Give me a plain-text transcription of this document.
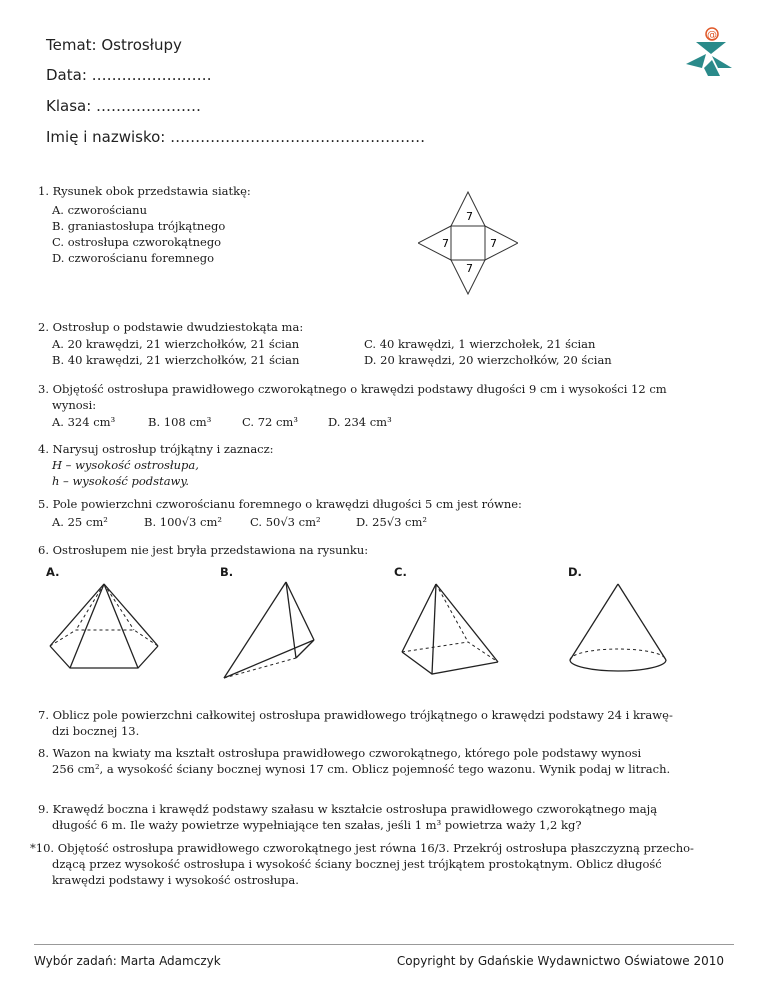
Temat: Ostrosłupy
Data: ……………………
Klasa: …………………
Imię i nazwisko: ……………………………………………
@
1. Rysunek obok przedstawia siatkę:
A. czworościanu
B. graniastosłupa trójkątnego
C. ostrosłupa czworokątnego
D. czworościanu foremnego
7
7	7
7
2. Ostrosłup o podstawie dwudziestokąta ma:
A. 20 krawędzi, 21 wierzchołków, 21 ścian
B. 40 krawędzi, 21 wierzchołków, 21 ścian
C. 40 krawędzi, 1 wierzchołek, 21 ścian
D. 20 krawędzi, 20 wierzchołków, 20 ścian
3. Objętość ostrosłupa prawidłowego czworokątnego o krawędzi podstawy długości 9 cm i wysokości 12 cm
wynosi:
A. 324 cm³	B. 108 cm³	C. 72 cm³	D. 234 cm³
4. Narysuj ostrosłup trójkątny i zaznacz:
H – wysokość ostrosłupa,
h – wysokość podstawy.
5. Pole powierzchni czworościanu foremnego o krawędzi długości 5 cm jest równe:
A. 25 cm²	B. 100√3 cm² C. 50√3 cm²	D. 25√3 cm²
6. Ostrosłupem nie jest bryła przedstawiona na rysunku:
A.	B.	C.	D.
7. Oblicz pole powierzchni całkowitej ostrosłupa prawidłowego trójkątnego o krawędzi podstawy 24 i krawę-
dzi bocznej 13.
8. Wazon na kwiaty ma kształt ostrosłupa prawidłowego czworokątnego, którego pole podstawy wynosi
256 cm², a wysokość ściany bocznej wynosi 17 cm. Oblicz pojemność tego wazonu. Wynik podaj w litrach.
9. Krawędź boczna i krawędź podstawy szałasu w kształcie ostrosłupa prawidłowego czworokątnego mają
długość 6 m. Ile waży powietrze wypełniające ten szałas, jeśli 1 m³ powietrza waży 1,2 kg?
*10. Objętość ostrosłupa prawidłowego czworokątnego jest równa 16/3. Przekrój ostrosłupa płaszczyzną przecho-
dzącą przez wysokość ostrosłupa i wysokość ściany bocznej jest trójkątem prostokątnym. Oblicz długość
krawędzi podstawy i wysokość ostrosłupa.
Wybór zadań: Marta Adamczyk	Copyright by Gdańskie Wydawnictwo Oświatowe 2010
